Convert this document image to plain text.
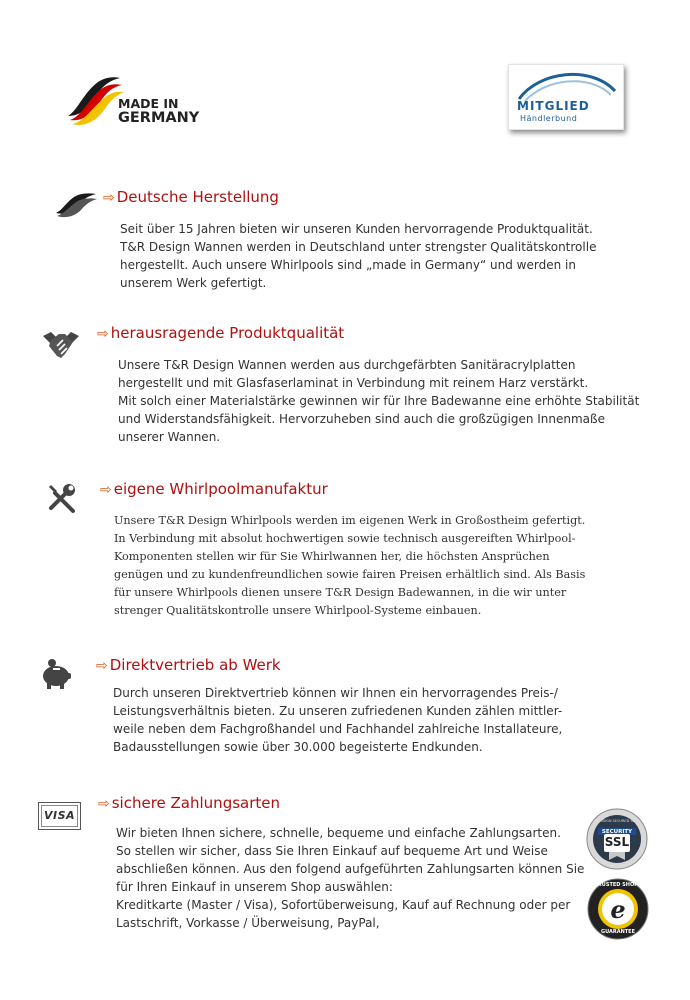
MADE IN
GERMANY
MITGLIED
Händlerbund
⇨ Deutsche Herstellung

Seit über 15 Jahren bieten wir unseren Kunden hervorragende Produktqualität.

T&R Design Wannen werden in Deutschland unter strengster Qualitätskontrolle

hergestellt. Auch unsere Whirlpools sind „made in Germany“ und werden in

unserem Werk gefertigt.

⇨ herausragende Produktqualität

Unsere T&R Design Wannen werden aus durchgefärbten Sanitäracrylplatten

hergestellt und mit Glasfaserlaminat in Verbindung mit reinem Harz verstärkt.

Mit solch einer Materialstärke gewinnen wir für Ihre Badewanne eine erhöhte Stabilität

und Widerstandsfähigkeit. Hervorzuheben sind auch die großzügigen Innenmaße

unserer Wannen.

⇨ eigene Whirlpoolmanufaktur

Unsere T&R Design Whirlpools werden im eigenen Werk in Großostheim gefertigt.

In Verbindung mit absolut hochwertigen sowie technisch ausgereiften Whirlpool-

Komponenten stellen wir für Sie Whirlwannen her, die höchsten Ansprüchen

genügen und zu kundenfreundlichen sowie fairen Preisen erhältlich sind. Als Basis

für unsere Whirlpools dienen unsere T&R Design Badewannen, in die wir unter

strenger Qualitätskontrolle unsere Whirlpool-Systeme einbauen.

⇨ Direktvertrieb ab Werk

Durch unseren Direktvertrieb können wir Ihnen ein hervorragendes Preis-/

Leistungsverhältnis bieten. Zu unseren zufriedenen Kunden zählen mittler-

weile neben dem Fachgroßhandel und Fachhandel zahlreiche Installateure,

Badausstellungen sowie über 30.000 begeisterte Endkunden.

VISA
⇨ sichere Zahlungsarten

Wir bieten Ihnen sichere, schnelle, bequeme und einfache Zahlungsarten.

So stellen wir sicher, dass Sie Ihren Einkauf auf bequeme Art und Weise

abschließen können. Aus den folgend aufgeführten Zahlungsarten können Sie

für Ihren Einkauf in unserem Shop auswählen:

Kreditkarte (Master / Visa), Sofortüberweisung, Kauf auf Rechnung oder per

Lastschrift, Vorkasse / Überweisung, PayPal,

SECURITY
SSL
VERISIGN SECURED SEAL
e
TRUSTED SHOPS
GUARANTEE
